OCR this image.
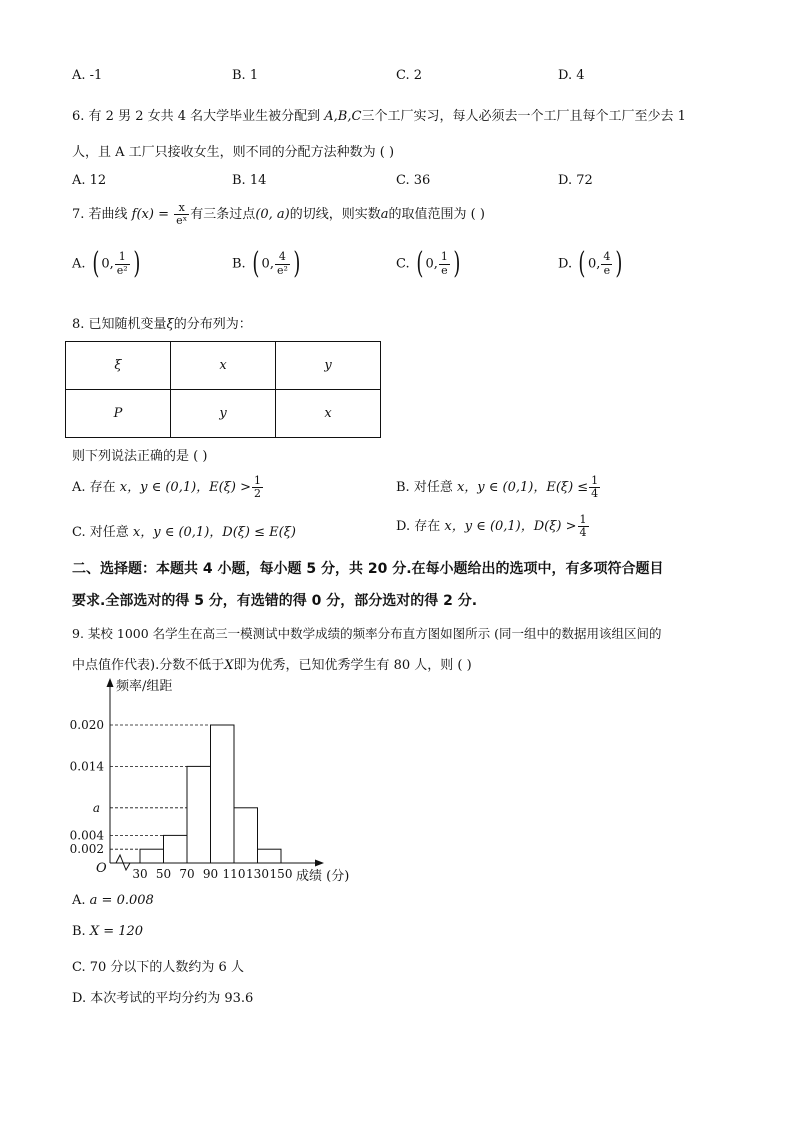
A. -1	B. 1	C. 2	D. 4
6. 有 2 男 2 女共 4 名大学毕业生被分配到 A,B,C三个工厂实习，每人必须去一个工厂且每个工厂至少去 1
人，且 A 工厂只接收女生，则不同的分配方法种数为 ( )
A. 12	B. 14	C. 36	D. 72
7. 若曲线 $f(x) = \frac{x}{\text{eˣ}}$ 有三条过点(0, a)的切线，则实数a的取值范围为 ( )
A. ( 0, $\frac{1}{\text{e²}}$ )	B. ( 0, $\frac{4}{\text{e²}}$ )	C. ( 0, $\frac{1}{e}$ )	D. ( 0, $\frac{4}{e}$ )
8. 已知随机变量ξ的分布列为：
ξ	x	y
P	y	x
则下列说法正确的是 ( )
A. 存在 x，y ∈ (0,1)，$E(\xi) > \frac{1}{2}$	B. 对任意 x，y ∈ (0,1)，$E(\xi) \le \frac{1}{4}$
C. 对任意 x，y ∈ (0,1)，D(ξ) ≤ E(ξ)	D. 存在 x，y ∈ (0,1)，$D(\xi) > \frac{1}{4}$
二、选择题：本题共 4 小题，每小题 5 分，共 20 分.在每小题给出的选项中，有多项符合题目
要求.全部选对的得 5 分，有选错的得 0 分，部分选对的得 2 分.
9. 某校 1000 名学生在高三一模测试中数学成绩的频率分布直方图如图所示 (同一组中的数据用该组区间的
中点值作代表).分数不低于X即为优秀，已知优秀学生有 80 人，则 ( )
频率/组距
成绩 (分)
O
0.020
0.014
a
0.004
0.002
30 50 70 90 110 130 150
A. a = 0.008
B. X = 120
C. 70 分以下的人数约为 6 人
D. 本次考试的平均分约为 93.6
